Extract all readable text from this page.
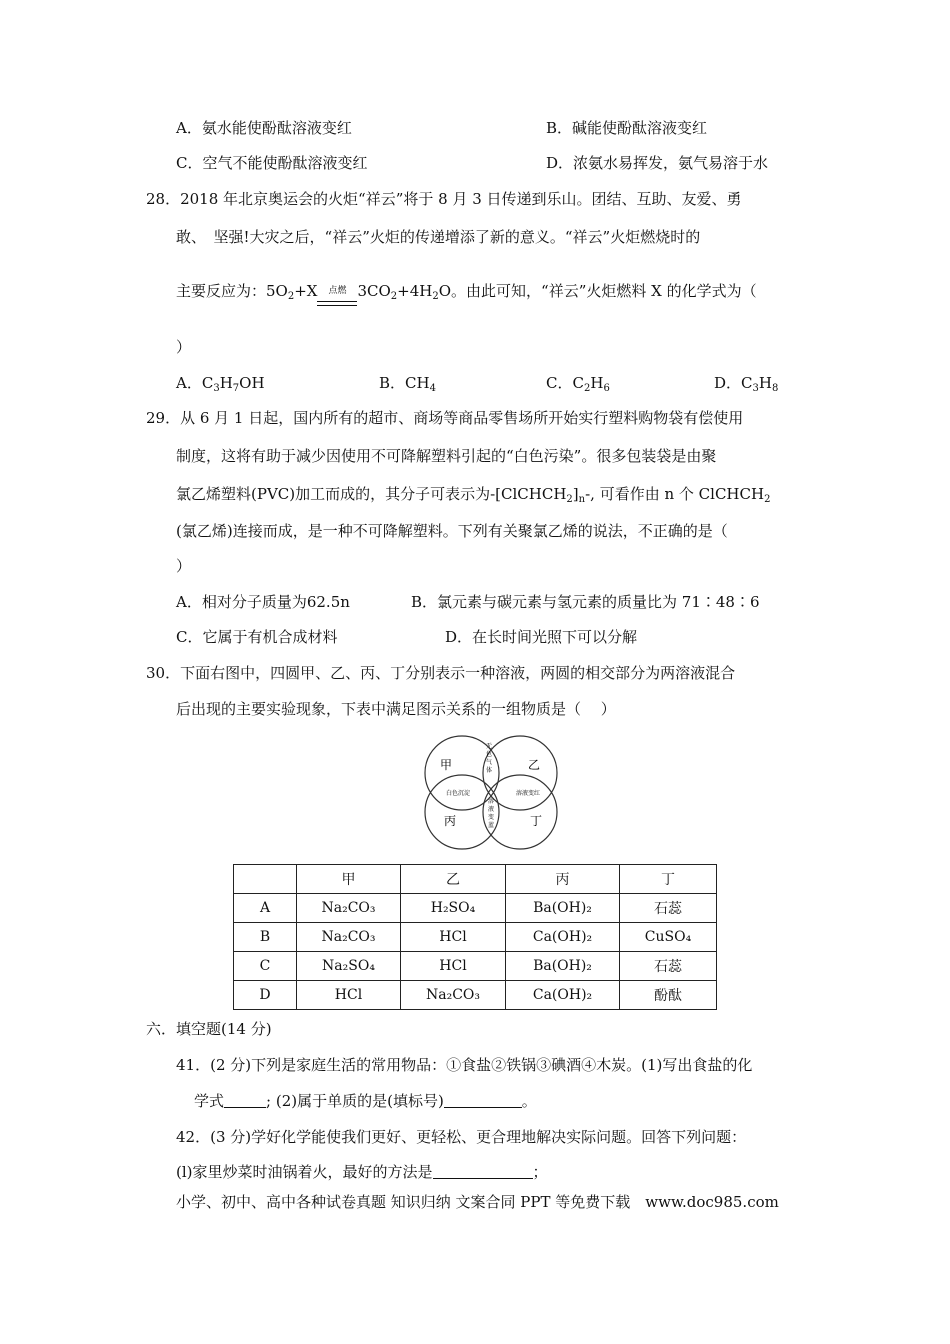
A．氨水能使酚酞溶液变红	B．碱能使酚酞溶液变红
C．空气不能使酚酞溶液变红	D．浓氨水易挥发，氨气易溶于水
28．2018 年北京奥运会的火炬“祥云”将于 8 月 3 日传递到乐山。团结、互助、友爱、勇
敢、　坚强!大灾之后，“祥云”火炬的传递增添了新的意义。“祥云”火炬燃烧时的
主要反应为：$5O_2+X$ 点燃 $3CO_2+4H_2O$。由此可知，“祥云”火炬燃料 X 的化学式为（
）
A．$C_3H_7OH$	B．$CH_4$	C．$C_2H_6$	D．$C_3H_8$
29．从 6 月 1 日起，国内所有的超市、商场等商品零售场所开始实行塑料购物袋有偿使用
制度，这将有助于减少因使用不可降解塑料引起的“白色污染”。很多包装袋是由聚
氯乙烯塑料(PVC)加工而成的，其分子可表示为$-[ClCHCH_2]_n-$, 可看作由 n 个 ClCHCH$_2$
(氯乙烯)连接而成，是一种不可降解塑料。下列有关聚氯乙烯的说法，不正确的是（
）
A．相对分子质量为62.5n	B．氯元素与碳元素与氢元素的质量比为 71∶48∶6
C．它属于有机合成材料	D．在长时间光照下可以分解
30．下面右图中，四圆甲、乙、丙、丁分别表示一种溶液，两圆的相交部分为两溶液混合
后出现的主要实验现象，下表中满足图示关系的一组物质是（　 ）
甲	乙
丙	丁
无
色
气
体
白色沉淀	溶液变红
溶
液
变
蓝
	甲	乙	丙	丁
A	Na₂CO₃	H₂SO₄	Ba(OH)₂	石蕊
B	Na₂CO₃	HCl	Ca(OH)₂	CuSO₄
C	Na₂SO₄	HCl	Ba(OH)₂	石蕊
D	HCl	Na₂CO₃	Ca(OH)₂	酚酞
六．填空题(14 分)
41．(2 分)下列是家庭生活的常用物品：①食盐②铁锅③碘酒④木炭。(1)写出食盐的化
学式	; (2)属于单质的是(填标号)	。
42．(3 分)学好化学能使我们更好、更轻松、更合理地解决实际问题。回答下列问题：
(l)家里炒菜时油锅着火，最好的方法是	；
小学、初中、高中各种试卷真题 知识归纳 文案合同 PPT 等免费下载　www.doc985.com
